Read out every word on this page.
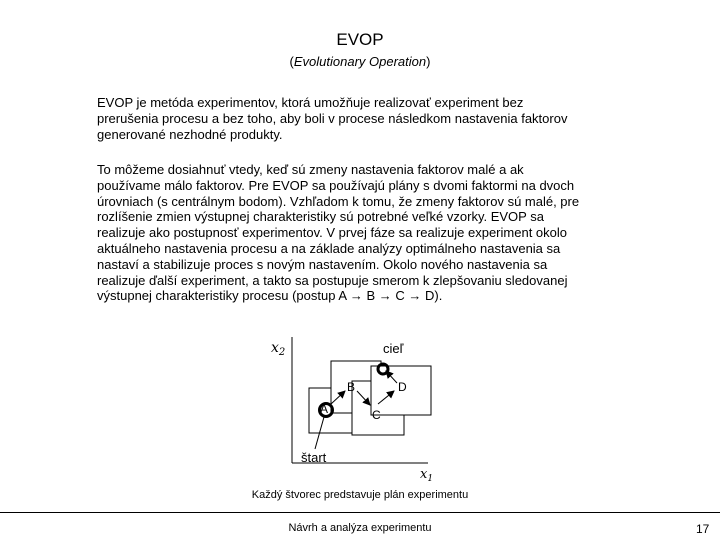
EVOP
(Evolutionary Operation)
EVOP je metóda experimentov, ktorá umožňuje realizovať experiment bez
prerušenia procesu a bez toho, aby boli v procese následkom nastavenia faktorov
generované nezhodné produkty.
To môžeme dosiahnuť vtedy, keď sú zmeny nastavenia faktorov malé a ak
používame málo faktorov. Pre EVOP sa používajú plány s dvomi faktormi na dvoch
úrovniach (s centrálnym bodom). Vzhľadom k tomu, že zmeny faktorov sú malé, pre
rozlíšenie zmien výstupnej charakteristiky sú potrebné veľké vzorky. EVOP sa
realizuje ako postupnosť experimentov. V prvej fáze sa realizuje experiment okolo
aktuálneho nastavenia procesu a na základe analýzy optimálneho nastavenia sa
nastaví a stabilizuje proces s novým nastavením. Okolo nového nastavenia sa
realizuje ďalší experiment, a takto sa postupuje smerom k zlepšovaniu sledovanej
výstupnej charakteristiky procesu (postup A → B → C → D).
$x_2$
$x_1$
A
B
C
D
štart
cieľ
Každý štvorec predstavuje plán experimentu
Návrh a analýza experimentu	17
